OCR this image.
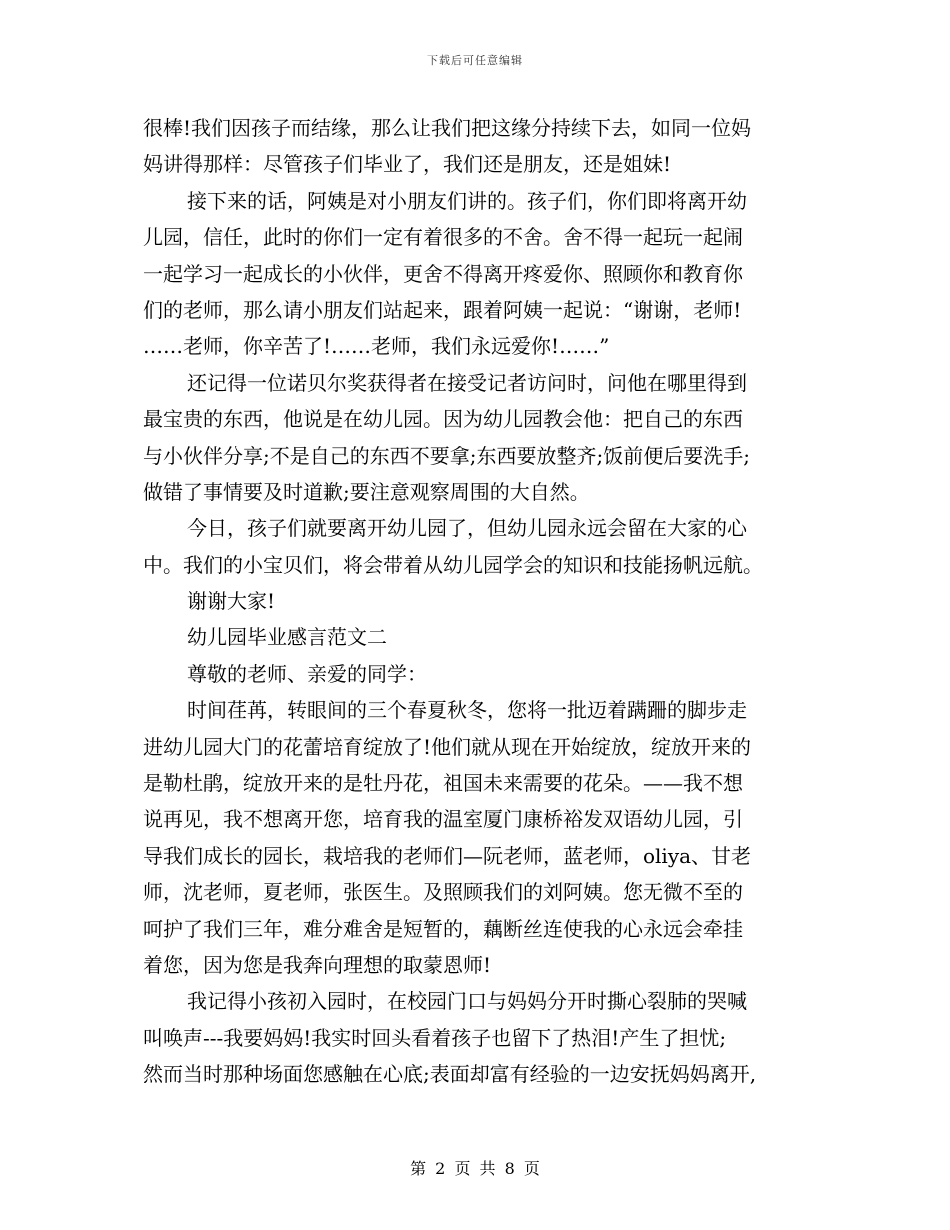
下载后可任意编辑
很棒!我们因孩子而结缘，那么让我们把这缘分持续下去，如同一位妈
妈讲得那样：尽管孩子们毕业了，我们还是朋友，还是姐妹!
接下来的话，阿姨是对小朋友们讲的。孩子们，你们即将离开幼
儿园，信任，此时的你们一定有着很多的不舍。舍不得一起玩一起闹
一起学习一起成长的小伙伴，更舍不得离开疼爱你、照顾你和教育你
们的老师，那么请小朋友们站起来，跟着阿姨一起说：“谢谢，老师!
……老师，你辛苦了!……老师，我们永远爱你!……”
还记得一位诺贝尔奖获得者在接受记者访问时，问他在哪里得到
最宝贵的东西，他说是在幼儿园。因为幼儿园教会他：把自己的东西
与小伙伴分享;不是自己的东西不要拿;东西要放整齐;饭前便后要洗手;
做错了事情要及时道歉;要注意观察周围的大自然。
今日，孩子们就要离开幼儿园了，但幼儿园永远会留在大家的心
中。我们的小宝贝们，将会带着从幼儿园学会的知识和技能扬帆远航。
谢谢大家!
幼儿园毕业感言范文二
尊敬的老师、亲爱的同学：
时间荏苒，转眼间的三个春夏秋冬，您将一批迈着蹒跚的脚步走
进幼儿园大门的花蕾培育绽放了!他们就从现在开始绽放，绽放开来的
是勒杜鹃，绽放开来的是牡丹花，祖国未来需要的花朵。——我不想
说再见，我不想离开您，培育我的温室厦门康桥裕发双语幼儿园，引
导我们成长的园长，栽培我的老师们—阮老师，蓝老师，oliya、甘老
师，沈老师，夏老师，张医生。及照顾我们的刘阿姨。您无微不至的
呵护了我们三年，难分难舍是短暂的，藕断丝连使我的心永远会牵挂
着您，因为您是我奔向理想的取蒙恩师!
我记得小孩初入园时，在校园门口与妈妈分开时撕心裂肺的哭喊
叫唤声---我要妈妈!我实时回头看着孩子也留下了热泪!产生了担忧;
然而当时那种场面您感触在心底;表面却富有经验的一边安抚妈妈离开,
第 2 页 共 8 页
